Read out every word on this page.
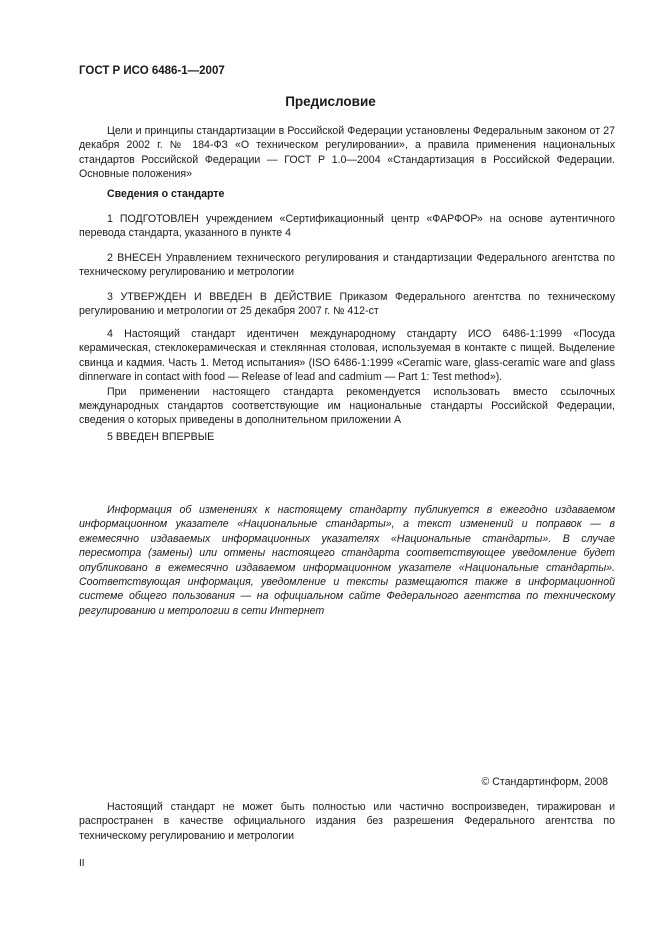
ГОСТ Р ИСО 6486-1—2007
Предисловие

Цели и принципы стандартизации в Российской Федерации установлены Федеральным законом от 27 декабря 2002 г. № 184-ФЗ «О техническом регулировании», а правила применения национальных стандартов Российской Федерации — ГОСТ Р 1.0—2004 «Стандартизация в Российской Федерации. Основные положения»

Сведения о стандарте

1 ПОДГОТОВЛЕН учреждением «Сертификационный центр «ФАРФОР» на основе аутентичного перевода стандарта, указанного в пункте 4

2 ВНЕСЕН Управлением технического регулирования и стандартизации Федерального агентства по техническому регулированию и метрологии

3 УТВЕРЖДЕН И ВВЕДЕН В ДЕЙСТВИЕ Приказом Федерального агентства по техническому регулированию и метрологии от 25 декабря 2007 г. № 412-ст

4 Настоящий стандарт идентичен международному стандарту ИСО 6486-1:1999 «Посуда керамическая, стеклокерамическая и стеклянная столовая, используемая в контакте с пищей. Выделение свинца и кадмия. Часть 1. Метод испытания» (ISO 6486-1:1999 «Ceramic ware, glass-ceramic ware and glass dinnerware in contact with food — Release of lead and cadmium — Part 1: Test method»).

При применении настоящего стандарта рекомендуется использовать вместо ссылочных международных стандартов соответствующие им национальные стандарты Российской Федерации, сведения о которых приведены в дополнительном приложении А

5 ВВЕДЕН ВПЕРВЫЕ

Информация об изменениях к настоящему стандарту публикуется в ежегодно издаваемом информационном указателе «Национальные стандарты», а текст изменений и поправок — в ежемесячно издаваемых информационных указателях «Национальные стандарты». В случае пересмотра (замены) или отмены настоящего стандарта соответствующее уведомление будет опубликовано в ежемесячно издаваемом информационном указателе «Национальные стандарты». Соответствующая информация, уведомление и тексты размещаются также в информационной системе общего пользования — на официальном сайте Федерального агентства по техническому регулированию и метрологии в сети Интернет

© Стандартинформ, 2008

Настоящий стандарт не может быть полностью или частично воспроизведен, тиражирован и распространен в качестве официального издания без разрешения Федерального агентства по техническому регулированию и метрологии

II
